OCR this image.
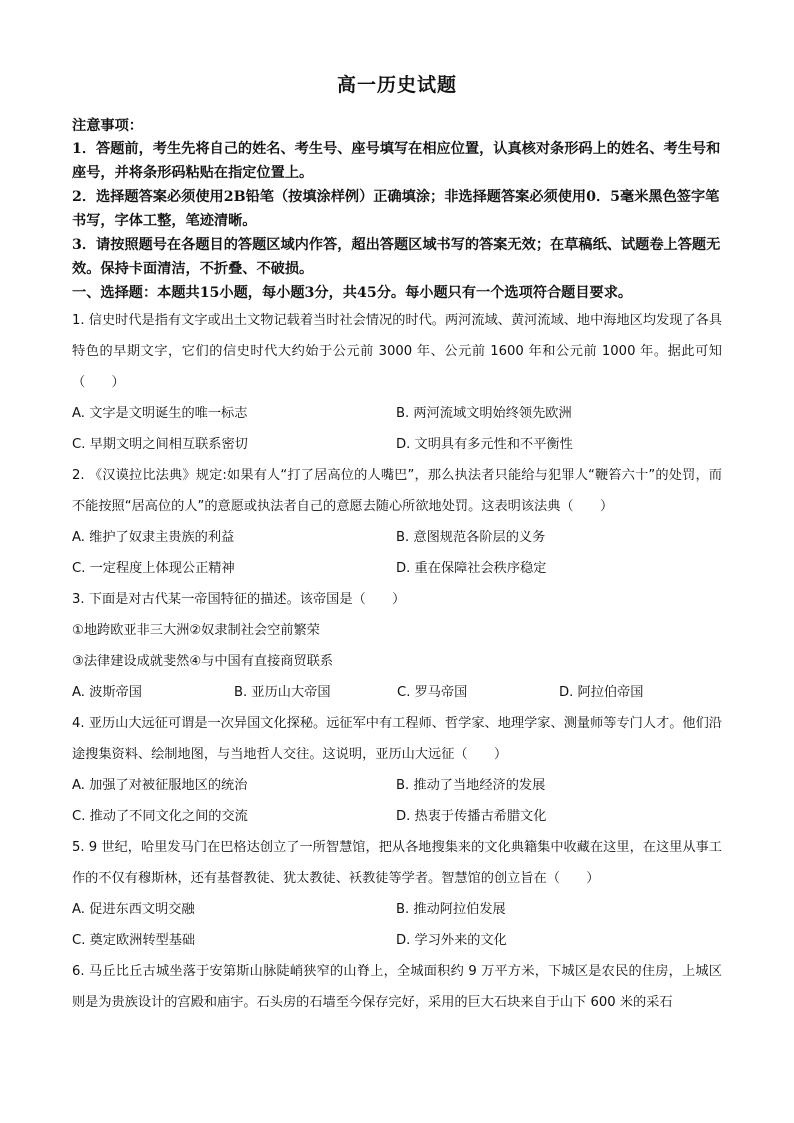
高一历史试题
注意事项：
1．答题前，考生先将自己的姓名、考生号、座号填写在相应位置，认真核对条形码上的姓名、考生号和座号，并将条形码粘贴在指定位置上。
2．选择题答案必须使用2B铅笔（按填涂样例）正确填涂；非选择题答案必须使用0．5毫米黑色签字笔书写，字体工整，笔迹清晰。
3．请按照题号在各题目的答题区域内作答，超出答题区域书写的答案无效；在草稿纸、试题卷上答题无效。保持卡面清洁，不折叠、不破损。
一、选择题：本题共15小题，每小题3分，共45分。每小题只有一个选项符合题目要求。
1. 信史时代是指有文字或出土文物记载着当时社会情况的时代。两河流域、黄河流域、地中海地区均发现了各具特色的早期文字，它们的信史时代大约始于公元前 3000 年、公元前 1600 年和公元前 1000 年。据此可知（　　）
A. 文字是文明诞生的唯一标志	B. 两河流域文明始终领先欧洲
C. 早期文明之间相互联系密切	D. 文明具有多元性和不平衡性
2. 《汉谟拉比法典》规定:如果有人“打了居高位的人嘴巴”，那么执法者只能给与犯罪人“鞭笞六十”的处罚，而不能按照“居高位的人”的意愿或执法者自己的意愿去随心所欲地处罚。这表明该法典（　　）
A. 维护了奴隶主贵族的利益	B. 意图规范各阶层的义务
C. 一定程度上体现公正精神	D. 重在保障社会秩序稳定
3. 下面是对古代某一帝国特征的描述。该帝国是（　　）
①地跨欧亚非三大洲②奴隶制社会空前繁荣
③法律建设成就斐然④与中国有直接商贸联系
A. 波斯帝国	B. 亚历山大帝国	C. 罗马帝国	D. 阿拉伯帝国
4. 亚历山大远征可谓是一次异国文化探秘。远征军中有工程师、哲学家、地理学家、测量师等专门人才。他们沿途搜集资料、绘制地图，与当地哲人交往。这说明，亚历山大远征（　　）
A. 加强了对被征服地区的统治	B. 推动了当地经济的发展
C. 推动了不同文化之间的交流	D. 热衷于传播古希腊文化
5. 9 世纪，哈里发马门在巴格达创立了一所智慧馆，把从各地搜集来的文化典籍集中收藏在这里，在这里从事工作的不仅有穆斯林，还有基督教徒、犹太教徒、袄教徒等学者。智慧馆的创立旨在（　　）
A. 促进东西文明交融	B. 推动阿拉伯发展
C. 奠定欧洲转型基础	D. 学习外来的文化
6. 马丘比丘古城坐落于安第斯山脉陡峭狭窄的山脊上，全城面积约 9 万平方米，下城区是农民的住房，上城区则是为贵族设计的宫殿和庙宇。石头房的石墙至今保存完好，采用的巨大石块来自于山下 600 米的采石
